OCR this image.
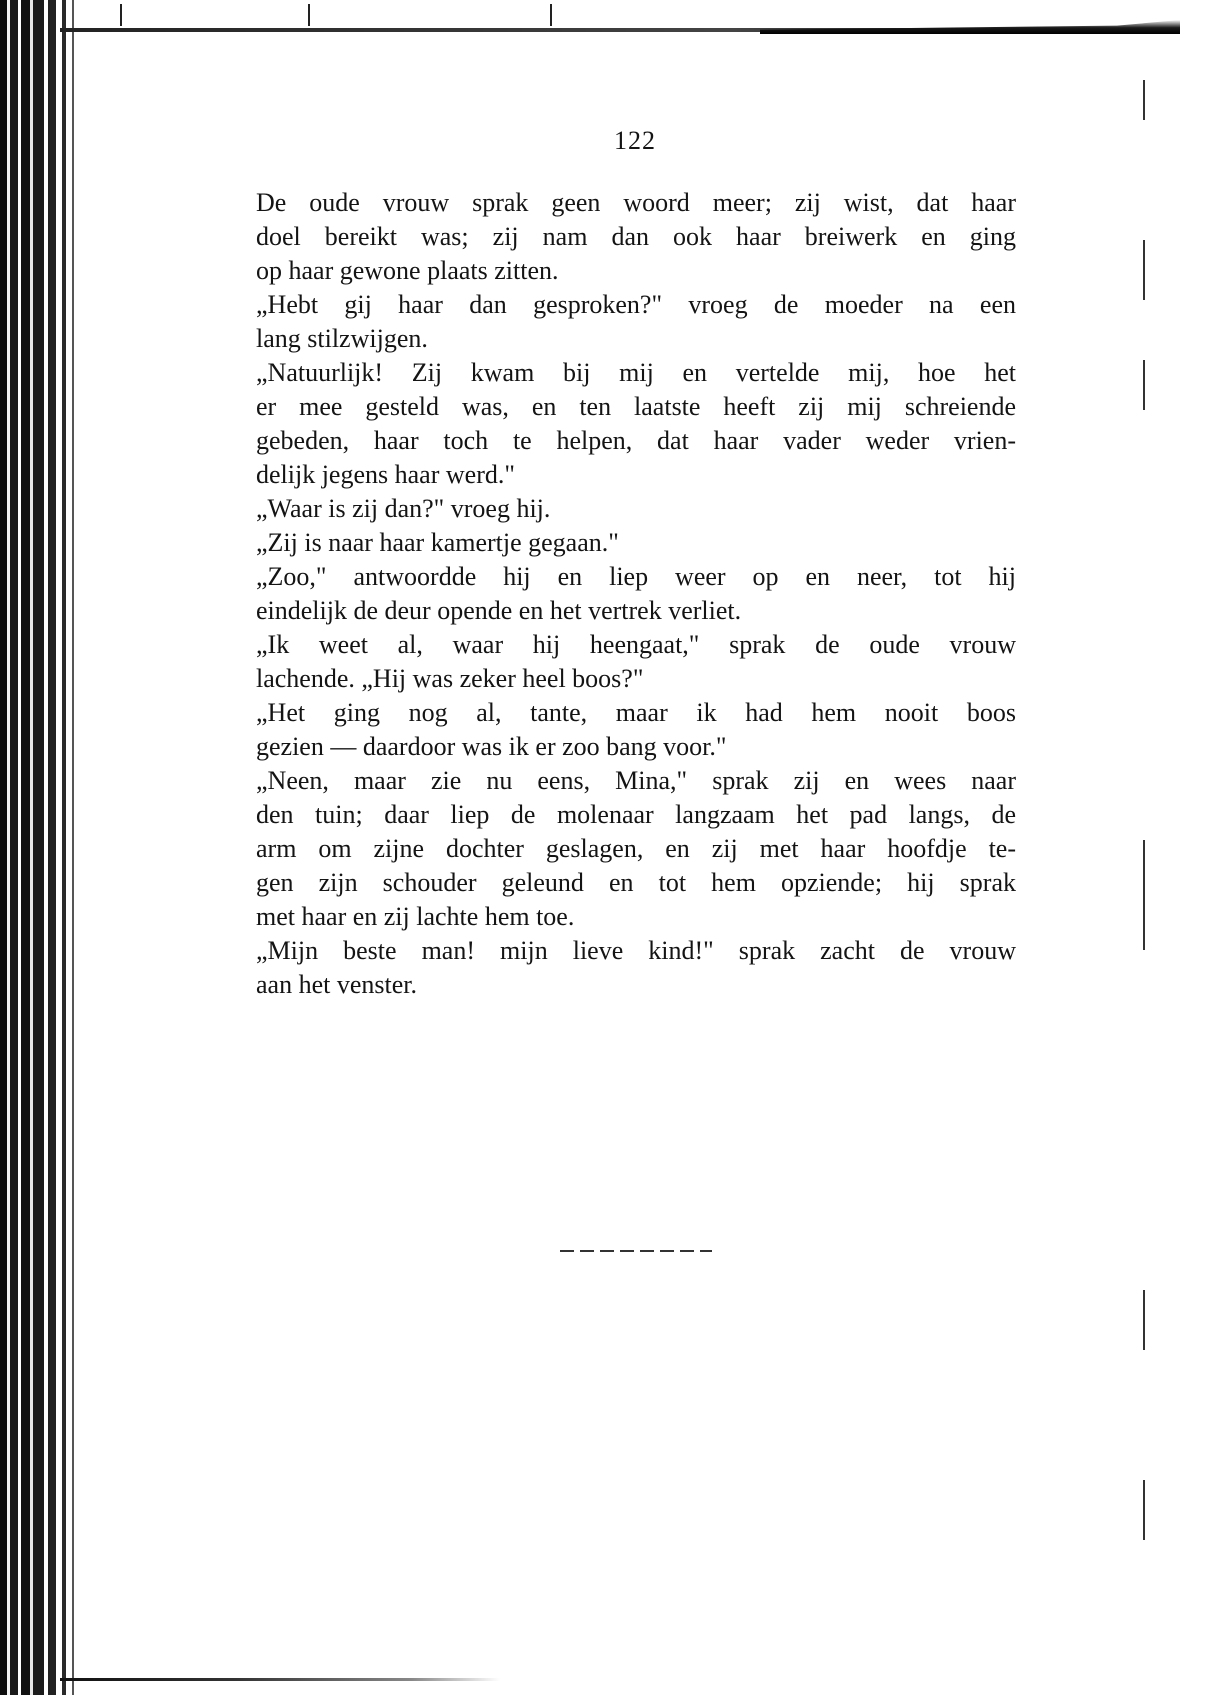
122
De oude vrouw sprak geen woord meer; zij wist, dat haar
doel bereikt was; zij nam dan ook haar breiwerk en ging
op haar gewone plaats zitten.
„Hebt gij haar dan gesproken?" vroeg de moeder na een
lang stilzwijgen.
„Natuurlijk! Zij kwam bij mij en vertelde mij, hoe het
er mee gesteld was, en ten laatste heeft zij mij schreiende
gebeden, haar toch te helpen, dat haar vader weder vrien-
delijk jegens haar werd."
„Waar is zij dan?" vroeg hij.
„Zij is naar haar kamertje gegaan."
„Zoo," antwoordde hij en liep weer op en neer, tot hij
eindelijk de deur opende en het vertrek verliet.
„Ik weet al, waar hij heengaat," sprak de oude vrouw
lachende. „Hij was zeker heel boos?"
„Het ging nog al, tante, maar ik had hem nooit boos
gezien — daardoor was ik er zoo bang voor."
„Neen, maar zie nu eens, Mina," sprak zij en wees naar
den tuin; daar liep de molenaar langzaam het pad langs, de
arm om zijne dochter geslagen, en zij met haar hoofdje te-
gen zijn schouder geleund en tot hem opziende; hij sprak
met haar en zij lachte hem toe.
„Mijn beste man! mijn lieve kind!" sprak zacht de vrouw
aan het venster.
